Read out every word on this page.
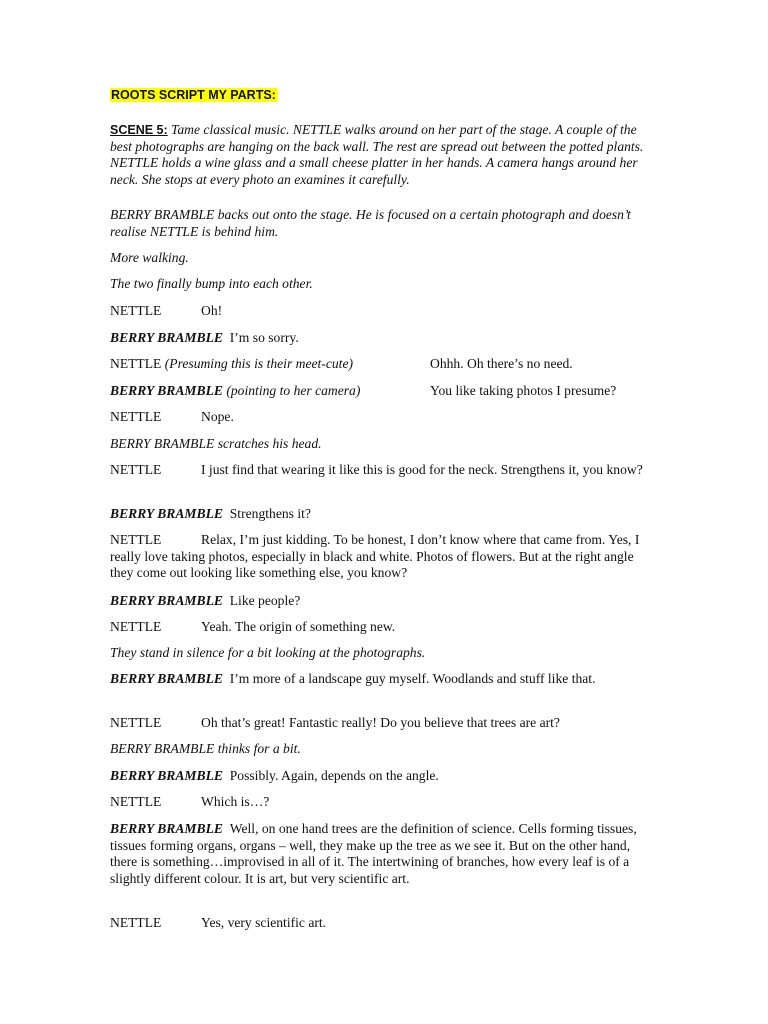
ROOTS SCRIPT MY PARTS:
SCENE 5: Tame classical music. NETTLE walks around on her part of the stage. A couple of the best photographs are hanging on the back wall. The rest are spread out between the potted plants. NETTLE holds a wine glass and a small cheese platter in her hands. A camera hangs around her neck. She stops at every photo an examines it carefully.
BERRY BRAMBLE backs out onto the stage. He is focused on a certain photograph and doesn’t realise NETTLE is behind him.
More walking.
The two finally bump into each other.
NETTLE	Oh!
BERRY BRAMBLE I’m so sorry.
NETTLE (Presuming this is their meet-cute)	Ohhh. Oh there’s no need.
BERRY BRAMBLE (pointing to her camera)	You like taking photos I presume?
NETTLE	Nope.
BERRY BRAMBLE scratches his head.
NETTLE	I just find that wearing it like this is good for the neck. Strengthens it, you know?
BERRY BRAMBLE Strengthens it?
NETTLE	Relax, I’m just kidding. To be honest, I don’t know where that came from. Yes, I really love taking photos, especially in black and white. Photos of flowers. But at the right angle they come out looking like something else, you know?
BERRY BRAMBLE Like people?
NETTLE	Yeah. The origin of something new.
They stand in silence for a bit looking at the photographs.
BERRY BRAMBLE I’m more of a landscape guy myself. Woodlands and stuff like that.
NETTLE	Oh that’s great! Fantastic really! Do you believe that trees are art?
BERRY BRAMBLE thinks for a bit.
BERRY BRAMBLE Possibly. Again, depends on the angle.
NETTLE	Which is…?
BERRY BRAMBLE Well, on one hand trees are the definition of science. Cells forming tissues, tissues forming organs, organs – well, they make up the tree as we see it. But on the other hand, there is something…improvised in all of it. The intertwining of branches, how every leaf is of a slightly different colour. It is art, but very scientific art.
NETTLE	Yes, very scientific art.
